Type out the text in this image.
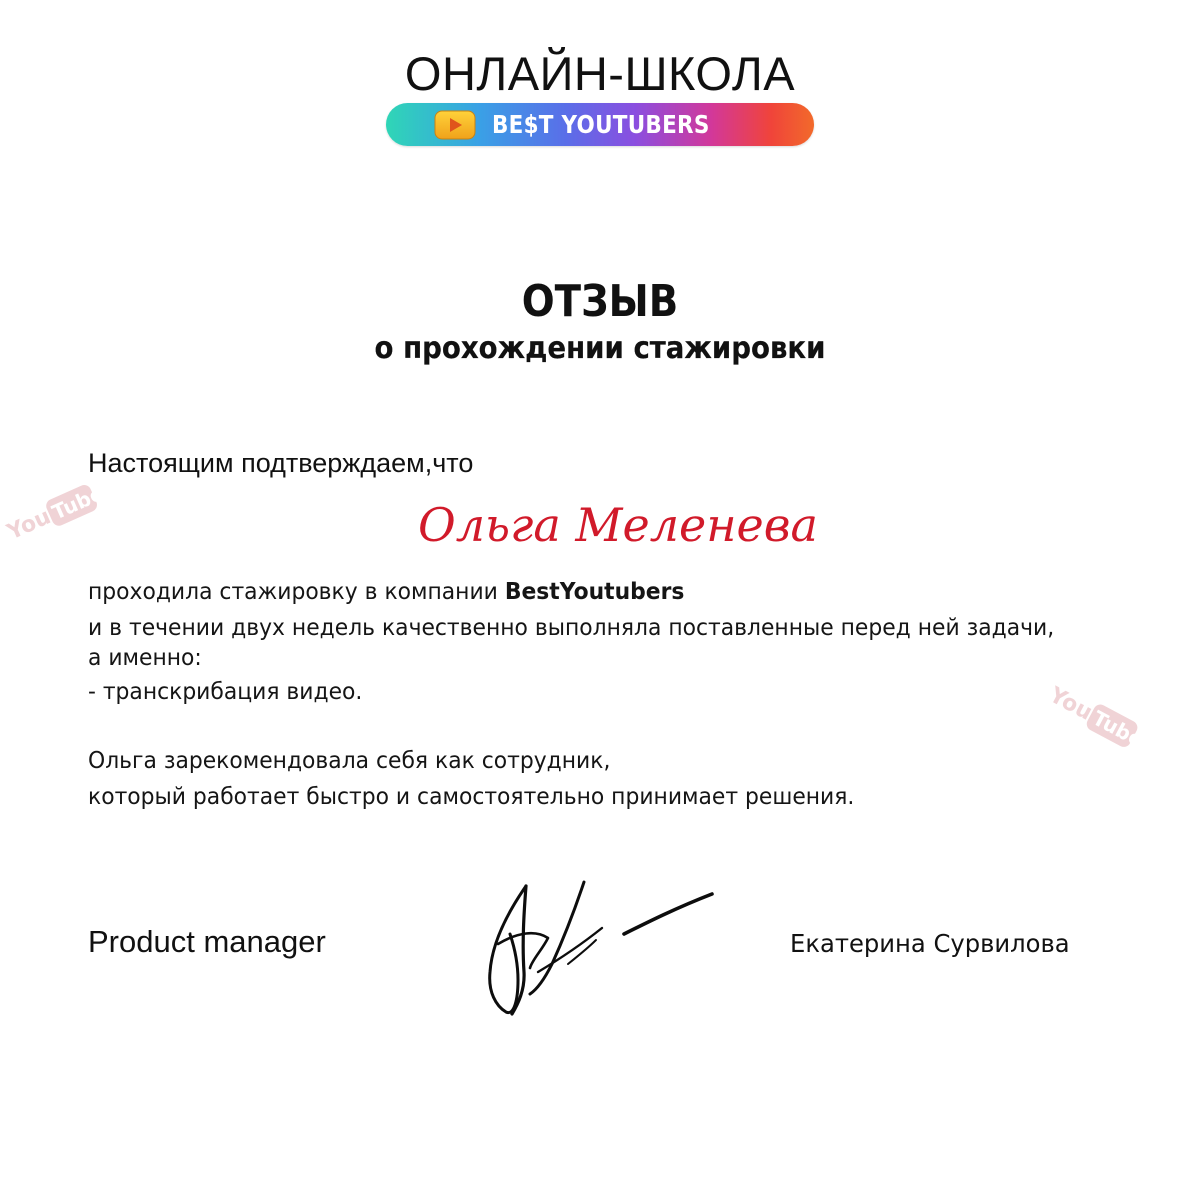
ОНЛАЙН-ШКОЛА
BE$T YOUTUBERS
ОТЗЫВ
о прохождении стажировки
You
Tube
You
Tube
Настоящим подтверждаем,что
Ольга Меленева
проходила стажировку в компании BestYoutubers
и в течении двух недель качественно выполняла поставленные перед ней задачи,
а именно:
- транскрибация видео.
Ольга зарекомендовала себя как сотрудник,
который работает быстро и самостоятельно принимает решения.
Product manager	Екатерина Сурвилова
